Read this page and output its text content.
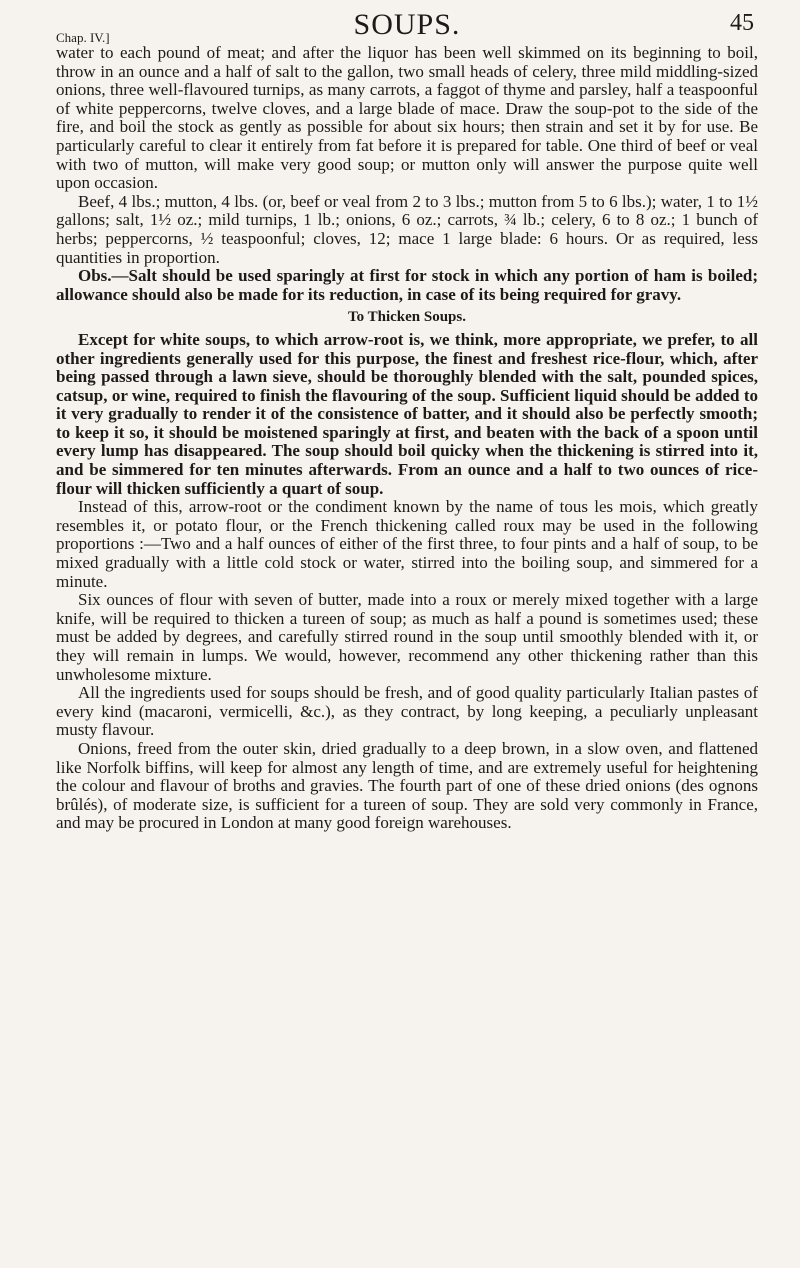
Chap. IV.]	SOUPS.	45

water to each pound of meat; and after the liquor has been well skimmed on its beginning to boil, throw in an ounce and a half of salt to the gallon, two small heads of celery, three mild middling-sized onions, three well-flavoured turnips, as many carrots, a faggot of thyme and parsley, half a teaspoonful of white peppercorns, twelve cloves, and a large blade of mace. Draw the soup-pot to the side of the fire, and boil the stock as gently as possible for about six hours; then strain and set it by for use. Be particularly careful to clear it entirely from fat before it is prepared for table. One third of beef or veal with two of mutton, will make very good soup; or mutton only will answer the purpose quite well upon occasion.

Beef, 4 lbs.; mutton, 4 lbs. (or, beef or veal from 2 to 3 lbs.; mutton from 5 to 6 lbs.); water, 1 to 1½ gallons; salt, 1½ oz.; mild turnips, 1 lb.; onions, 6 oz.; carrots, ¾ lb.; celery, 6 to 8 oz.; 1 bunch of herbs; peppercorns, ½ teaspoonful; cloves, 12; mace 1 large blade: 6 hours. Or as required, less quantities in proportion.

Obs.—Salt should be used sparingly at first for stock in which any portion of ham is boiled; allowance should also be made for its reduction, in case of its being required for gravy.

To Thicken Soups.

Except for white soups, to which arrow-root is, we think, more appropriate, we prefer, to all other ingredients generally used for this purpose, the finest and freshest rice-flour, which, after being passed through a lawn sieve, should be thoroughly blended with the salt, pounded spices, catsup, or wine, required to finish the flavouring of the soup. Sufficient liquid should be added to it very gradually to render it of the consistence of batter, and it should also be perfectly smooth; to keep it so, it should be moistened sparingly at first, and beaten with the back of a spoon until every lump has disappeared. The soup should boil quicky when the thickening is stirred into it, and be simmered for ten minutes afterwards. From an ounce and a half to two ounces of rice-flour will thicken sufficiently a quart of soup.

Instead of this, arrow-root or the condiment known by the name of tous les mois, which greatly resembles it, or potato flour, or the French thickening called roux may be used in the following proportions :—Two and a half ounces of either of the first three, to four pints and a half of soup, to be mixed gradually with a little cold stock or water, stirred into the boiling soup, and simmered for a minute.

Six ounces of flour with seven of butter, made into a roux or merely mixed together with a large knife, will be required to thicken a tureen of soup; as much as half a pound is sometimes used; these must be added by degrees, and carefully stirred round in the soup until smoothly blended with it, or they will remain in lumps. We would, however, recommend any other thickening rather than this unwholesome mixture.

All the ingredients used for soups should be fresh, and of good quality particularly Italian pastes of every kind (macaroni, vermicelli, &c.), as they contract, by long keeping, a peculiarly unpleasant musty flavour.

Onions, freed from the outer skin, dried gradually to a deep brown, in a slow oven, and flattened like Norfolk biffins, will keep for almost any length of time, and are extremely useful for heightening the colour and flavour of broths and gravies. The fourth part of one of these dried onions (des ognons brûlés), of moderate size, is sufficient for a tureen of soup. They are sold very commonly in France, and may be procured in London at many good foreign warehouses.
